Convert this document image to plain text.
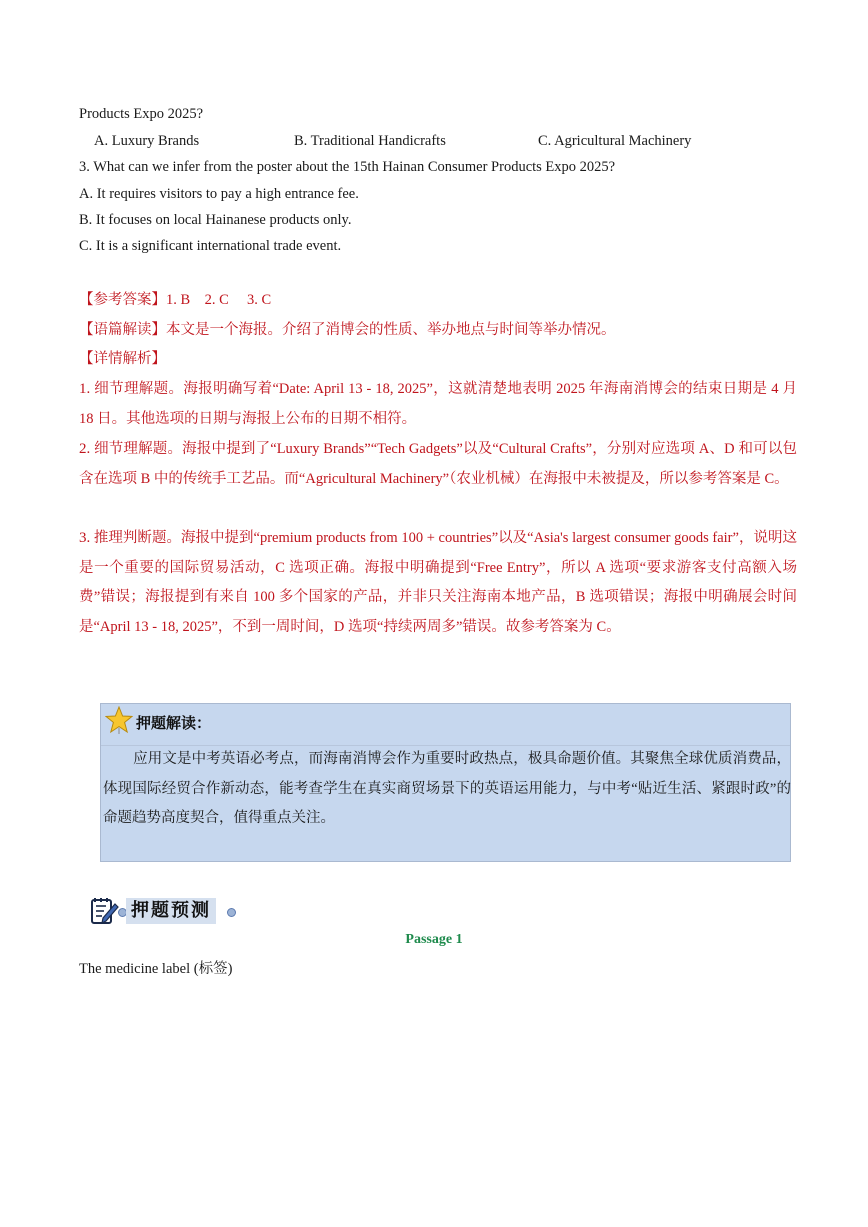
Products Expo 2025?
A. Luxury Brands	B. Traditional Handicrafts	C. Agricultural Machinery
3. What can we infer from the poster about the 15th Hainan Consumer Products Expo 2025?
A. It requires visitors to pay a high entrance fee.
B. It focuses on local Hainanese products only.
C. It is a significant international trade event.
【参考答案】1. B    2. C     3. C
【语篇解读】本文是一个海报。介绍了消博会的性质、举办地点与时间等举办情况。
【详情解析】
1. 细节理解题。海报明确写着“Date: April 13 - 18, 2025”，这就清楚地表明 2025 年海南消博会的结束日期是 4 月 18 日。其他选项的日期与海报上公布的日期不相符。
2. 细节理解题。海报中提到了“Luxury Brands”“Tech Gadgets”以及“Cultural Crafts”，分别对应选项 A、D 和可以包含在选项 B 中的传统手工艺品。而“Agricultural Machinery”（农业机械）在海报中未被提及，所以参考答案是 C。
3. 推理判断题。海报中提到“premium products from 100 + countries”以及“Asia's largest consumer goods fair”，说明这是一个重要的国际贸易活动，C 选项正确。海报中明确提到“Free Entry”，所以 A 选项“要求游客支付高额入场费”错误；海报提到有来自 100 多个国家的产品，并非只关注海南本地产品，B 选项错误；海报中明确展会时间是“April 13 - 18, 2025”，不到一周时间，D 选项“持续两周多”错误。故参考答案为 C。
押题解读：
应用文是中考英语必考点，而海南消博会作为重要时政热点，极具命题价值。其聚焦全球优质消费品，体现国际经贸合作新动态，能考查学生在真实商贸场景下的英语运用能力，与中考“贴近生活、紧跟时政”的命题趋势高度契合，值得重点关注。
押题预测
Passage 1
The medicine label (标签)
